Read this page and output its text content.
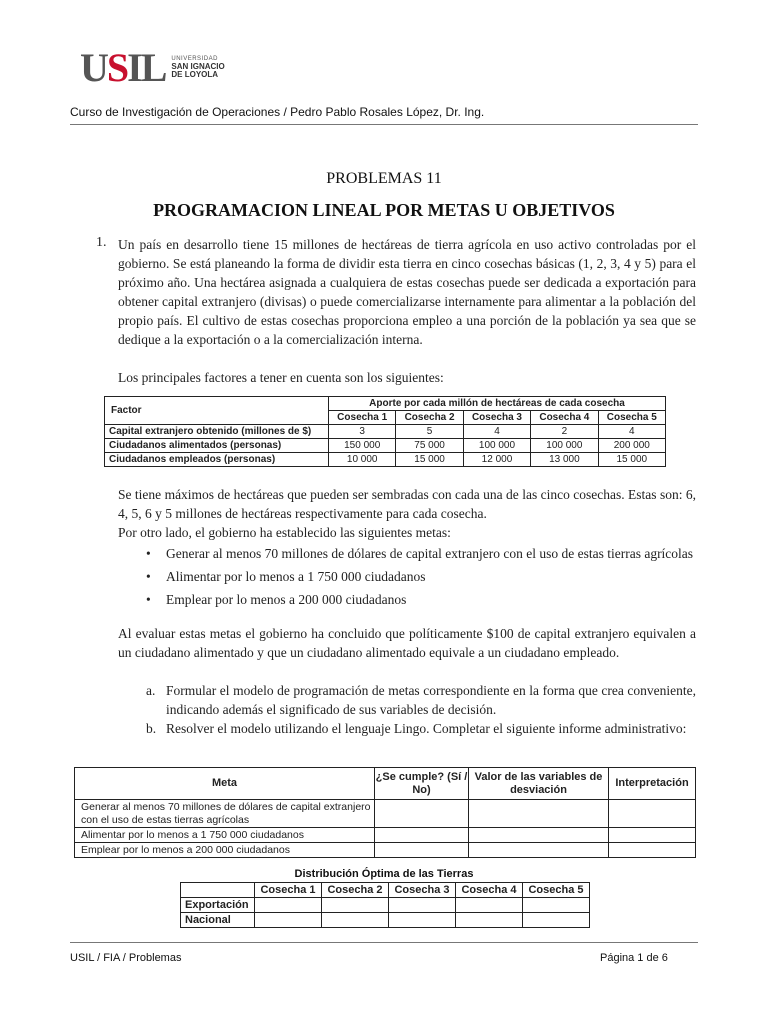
USIL UNIVERSIDAD
SAN IGNACIO
DE LOYOLA
Curso de Investigación de Operaciones / Pedro Pablo Rosales López, Dr. Ing.
PROBLEMAS 11
PROGRAMACION LINEAL POR METAS U OBJETIVOS
1. Un país en desarrollo tiene 15 millones de hectáreas de tierra agrícola en uso activo controladas por el gobierno. Se está planeando la forma de dividir esta tierra en cinco cosechas básicas (1, 2, 3, 4 y 5) para el próximo año. Una hectárea asignada a cualquiera de estas cosechas puede ser dedicada a exportación para obtener capital extranjero (divisas) o puede comercializarse internamente para alimentar a la población del propio país. El cultivo de estas cosechas proporciona empleo a una porción de la población ya sea que se dedique a la exportación o a la comercialización interna.
Los principales factores a tener en cuenta son los siguientes:
Factor	Aporte por cada millón de hectáreas de cada cosecha				
	Cosecha 1	Cosecha 2	Cosecha 3	Cosecha 4	Cosecha 5
Capital extranjero obtenido (millones de $)	3	5	4	2	4
Ciudadanos alimentados (personas)	150 000	75 000	100 000	100 000	200 000
Ciudadanos empleados (personas)	10 000	15 000	12 000	13 000	15 000
Se tiene máximos de hectáreas que pueden ser sembradas con cada una de las cinco cosechas. Estas son: 6, 4, 5, 6 y 5 millones de hectáreas respectivamente para cada cosecha.
Por otro lado, el gobierno ha establecido las siguientes metas:
• Generar al menos 70 millones de dólares de capital extranjero con el uso de estas tierras agrícolas
• Alimentar por lo menos a 1 750 000 ciudadanos
• Emplear por lo menos a 200 000 ciudadanos
Al evaluar estas metas el gobierno ha concluido que políticamente $100 de capital extranjero equivalen a un ciudadano alimentado y que un ciudadano alimentado equivale a un ciudadano empleado.
a. Formular el modelo de programación de metas correspondiente en la forma que crea conveniente, indicando además el significado de sus variables de decisión.
b. Resolver el modelo utilizando el lenguaje Lingo. Completar el siguiente informe administrativo:
Meta	¿Se cumple? (Sí / No)	Valor de las variables de desviación	Interpretación
Generar al menos 70 millones de dólares de capital extranjero con el uso de estas tierras agrícolas			
Alimentar por lo menos a 1 750 000 ciudadanos			
Emplear por lo menos a 200 000 ciudadanos			
Distribución Óptima de las Tierras
	Cosecha 1	Cosecha 2	Cosecha 3	Cosecha 4	Cosecha 5
Exportación					
Nacional					
USIL / FIA / Problemas	Página 1 de 6
